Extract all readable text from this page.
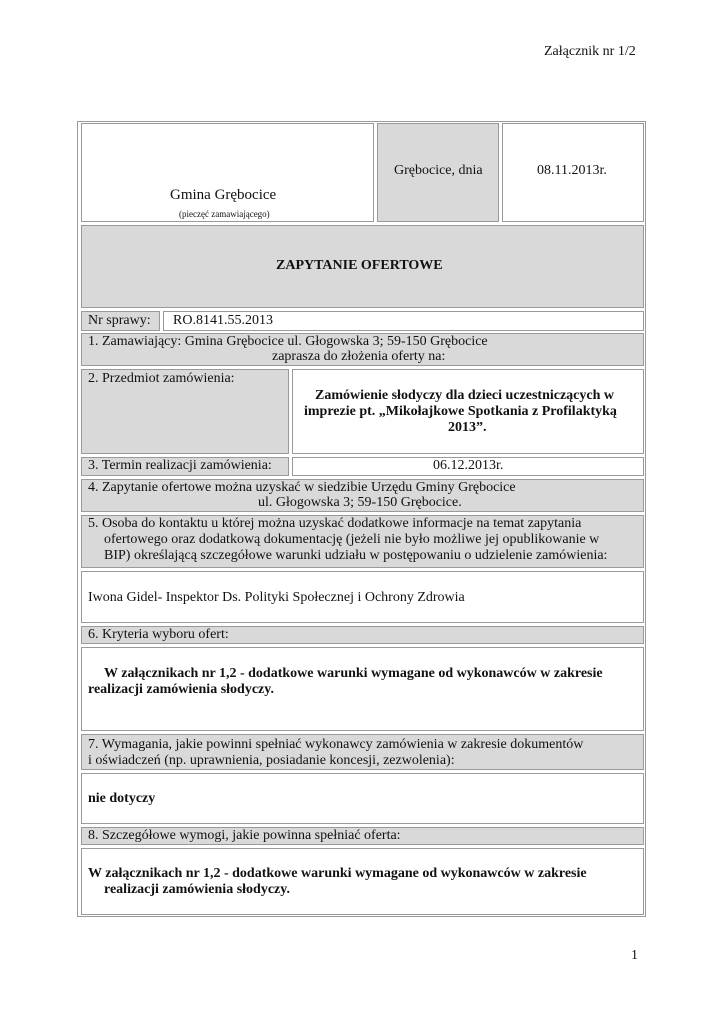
Załącznik nr 1/2
Gmina Grębocice
(pieczęć zamawiającego)
Grębocice, dnia	08.11.2013r.
ZAPYTANIE OFERTOWE
Nr sprawy: RO.8141.55.2013
1. Zamawiający: Gmina Grębocice ul. Głogowska 3; 59-150 Grębocice
zaprasza do złożenia oferty na:
2. Przedmiot zamówienia:
Zamówienie słodyczy dla dzieci uczestniczących w
imprezie pt. „Mikołajkowe Spotkania z Profilaktyką
2013”.
3. Termin realizacji zamówienia:	06.12.2013r.
4. Zapytanie ofertowe można uzyskać w siedzibie Urzędu Gminy Grębocice
ul. Głogowska 3; 59-150 Grębocice.
5. Osoba do kontaktu u której można uzyskać dodatkowe informacje na temat zapytania
ofertowego oraz dodatkową dokumentację (jeżeli nie było możliwe jej opublikowanie w
BIP) określającą szczegółowe warunki udziału w postępowaniu o udzielenie zamówienia:
Iwona Gidel- Inspektor Ds. Polityki Społecznej i Ochrony Zdrowia
6. Kryteria wyboru ofert:
W załącznikach nr 1,2 - dodatkowe warunki wymagane od wykonawców w zakresie
realizacji zamówienia słodyczy.
7. Wymagania, jakie powinni spełniać wykonawcy zamówienia w zakresie dokumentów
i oświadczeń (np. uprawnienia, posiadanie koncesji, zezwolenia):
nie dotyczy
8. Szczegółowe wymogi, jakie powinna spełniać oferta:
W załącznikach nr 1,2 - dodatkowe warunki wymagane od wykonawców w zakresie
realizacji zamówienia słodyczy.
1
